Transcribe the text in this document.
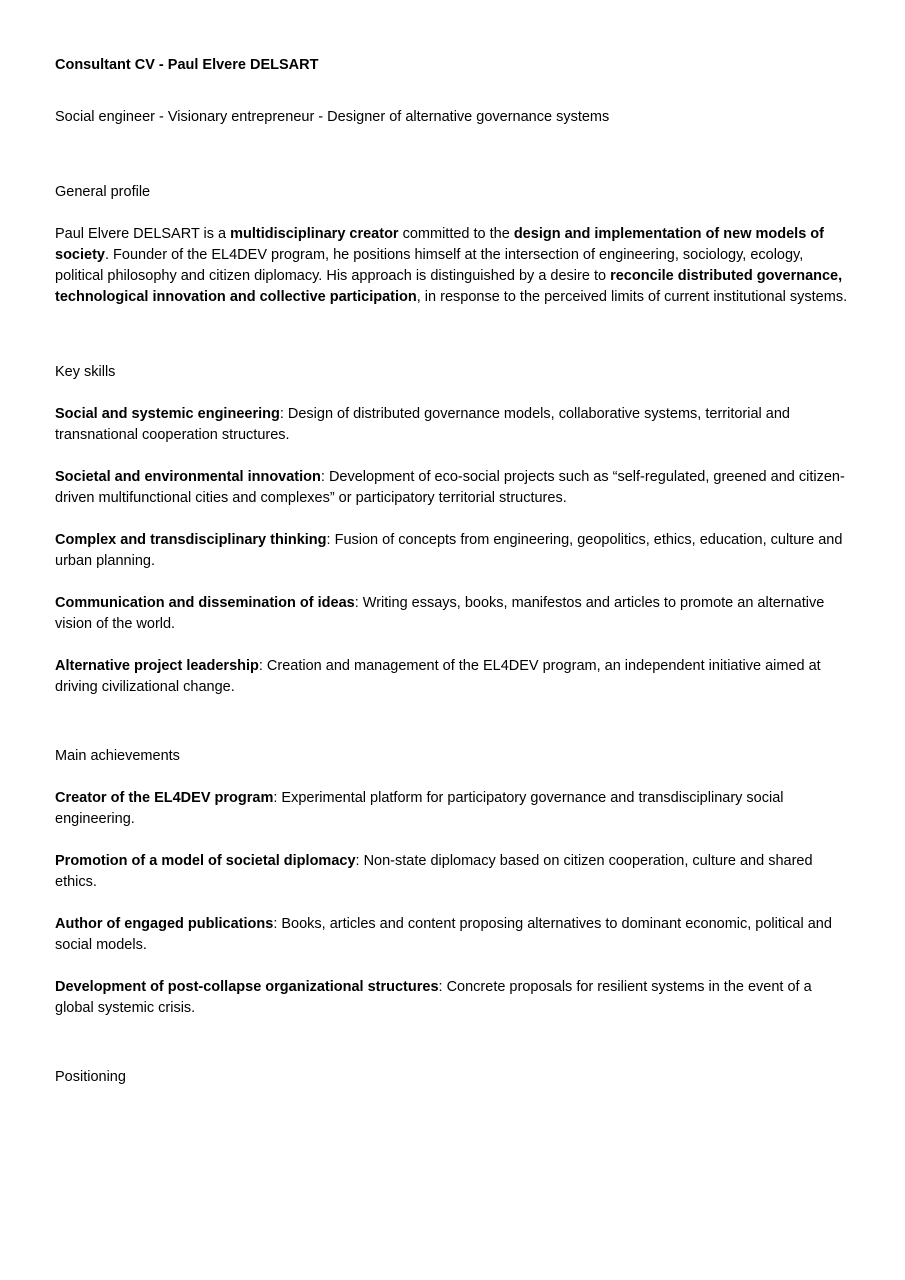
Consultant CV - Paul Elvere DELSART

Social engineer - Visionary entrepreneur - Designer of alternative governance systems

General profile

Paul Elvere DELSART is a multidisciplinary creator committed to the design and implementation of new models of society. Founder of the EL4DEV program, he positions himself at the intersection of engineering, sociology, ecology, political philosophy and citizen diplomacy. His approach is distinguished by a desire to reconcile distributed governance, technological innovation and collective participation, in response to the perceived limits of current institutional systems.

Key skills

Social and systemic engineering: Design of distributed governance models, collaborative systems, territorial and transnational cooperation structures.

Societal and environmental innovation: Development of eco-social projects such as “self-regulated, greened and citizen-driven multifunctional cities and complexes” or participatory territorial structures.

Complex and transdisciplinary thinking: Fusion of concepts from engineering, geopolitics, ethics, education, culture and urban planning.

Communication and dissemination of ideas: Writing essays, books, manifestos and articles to promote an alternative vision of the world.

Alternative project leadership: Creation and management of the EL4DEV program, an independent initiative aimed at driving civilizational change.

Main achievements

Creator of the EL4DEV program: Experimental platform for participatory governance and transdisciplinary social engineering.

Promotion of a model of societal diplomacy: Non-state diplomacy based on citizen cooperation, culture and shared ethics.

Author of engaged publications: Books, articles and content proposing alternatives to dominant economic, political and social models.

Development of post-collapse organizational structures: Concrete proposals for resilient systems in the event of a global systemic crisis.

Positioning
